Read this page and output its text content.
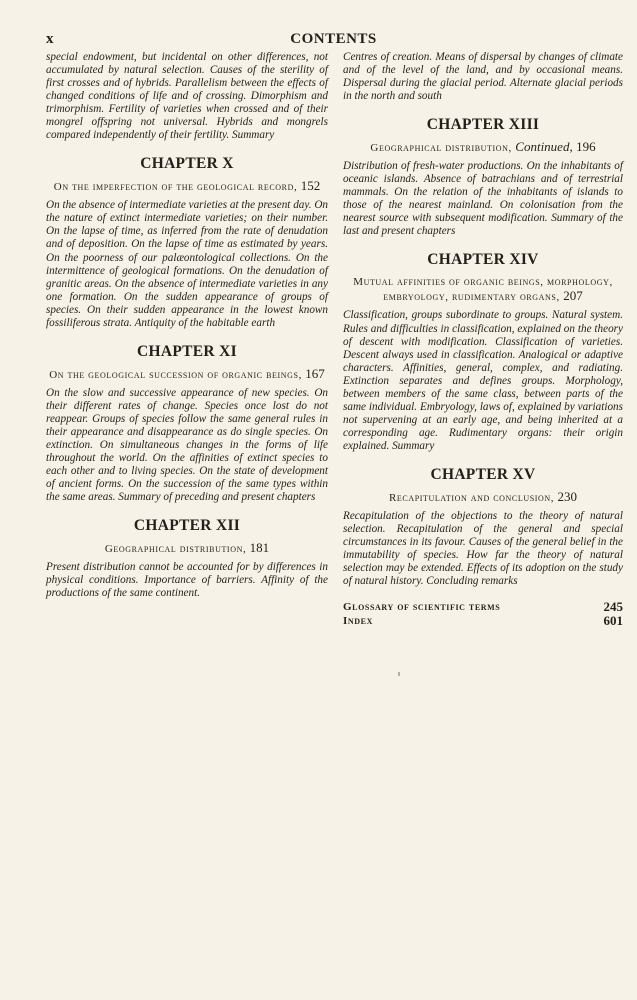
x	CONTENTS

special endowment, but incidental on other differences, not accumulated by natural selection. Causes of the sterility of first crosses and of hybrids. Parallelism between the effects of changed conditions of life and of crossing. Dimorphism and trimorphism. Fertility of varieties when crossed and of their mongrel offspring not universal. Hybrids and mongrels compared independently of their fertility. Summary

CHAPTER X
On the imperfection of the geological record, 152

On the absence of intermediate varieties at the present day. On the nature of extinct intermediate varieties; on their number. On the lapse of time, as inferred from the rate of denudation and of deposition. On the lapse of time as estimated by years. On the poorness of our palæontological collections. On the intermittence of geological formations. On the denudation of granitic areas. On the absence of intermediate varieties in any one formation. On the sudden appearance of groups of species. On their sudden appearance in the lowest known fossiliferous strata. Antiquity of the habitable earth

CHAPTER XI
On the geological succession of organic beings, 167

On the slow and successive appearance of new species. On their different rates of change. Species once lost do not reappear. Groups of species follow the same general rules in their appearance and disappearance as do single species. On extinction. On simultaneous changes in the forms of life throughout the world. On the affinities of extinct species to each other and to living species. On the state of development of ancient forms. On the succession of the same types within the same areas. Summary of preceding and present chapters

CHAPTER XII
Geographical distribution, 181

Present distribution cannot be accounted for by differences in physical conditions. Importance of barriers. Affinity of the productions of the same continent.

Centres of creation. Means of dispersal by changes of climate and of the level of the land, and by occasional means. Dispersal during the glacial period. Alternate glacial periods in the north and south

CHAPTER XIII
Geographical distribution, Continued, 196

Distribution of fresh-water productions. On the inhabitants of oceanic islands. Absence of batrachians and of terrestrial mammals. On the relation of the inhabitants of islands to those of the nearest mainland. On colonisation from the nearest source with subsequent modification. Summary of the last and present chapters

CHAPTER XIV
Mutual affinities of organic beings, morphology, embryology, rudimentary organs, 207

Classification, groups subordinate to groups. Natural system. Rules and difficulties in classification, explained on the theory of descent with modification. Classification of varieties. Descent always used in classification. Analogical or adaptive characters. Affinities, general, complex, and radiating. Extinction separates and defines groups. Morphology, between members of the same class, between parts of the same individual. Embryology, laws of, explained by variations not supervening at an early age, and being inherited at a corresponding age. Rudimentary organs: their origin explained. Summary

CHAPTER XV
Recapitulation and conclusion, 230

Recapitulation of the objections to the theory of natural selection. Recapitulation of the general and special circumstances in its favour. Causes of the general belief in the immutability of species. How far the theory of natural selection may be extended. Effects of its adoption on the study of natural history. Concluding remarks

Glossary of scientific terms	245
Index	601
